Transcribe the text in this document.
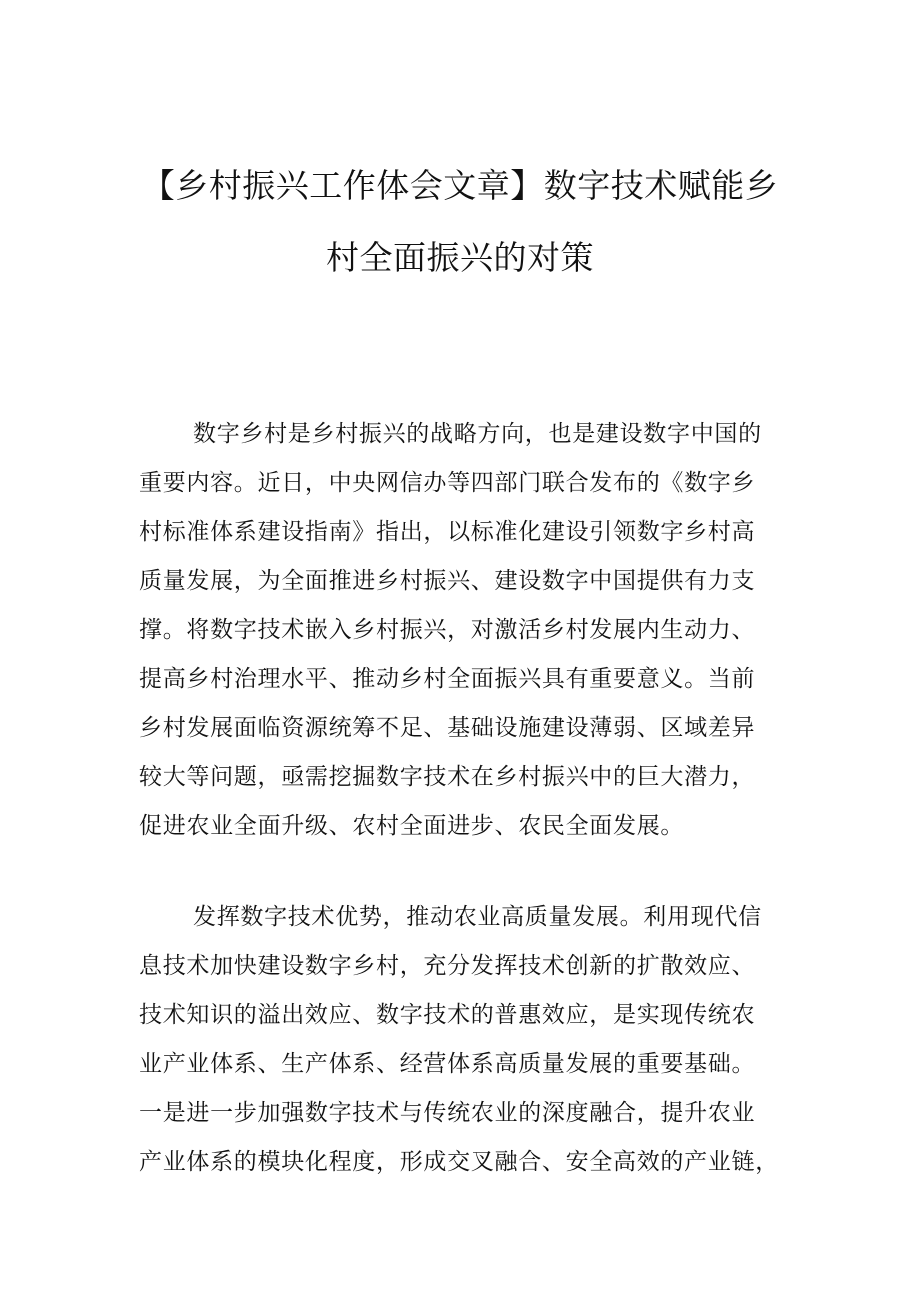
【乡村振兴工作体会文章】数字技术赋能乡
村全面振兴的对策
数字乡村是乡村振兴的战略方向，也是建设数字中国的
重要内容。近日，中央网信办等四部门联合发布的《数字乡
村标准体系建设指南》指出，以标准化建设引领数字乡村高
质量发展，为全面推进乡村振兴、建设数字中国提供有力支
撑。将数字技术嵌入乡村振兴，对激活乡村发展内生动力、
提高乡村治理水平、推动乡村全面振兴具有重要意义。当前
乡村发展面临资源统筹不足、基础设施建设薄弱、区域差异
较大等问题，亟需挖掘数字技术在乡村振兴中的巨大潜力，
促进农业全面升级、农村全面进步、农民全面发展。
发挥数字技术优势，推动农业高质量发展。利用现代信
息技术加快建设数字乡村，充分发挥技术创新的扩散效应、
技术知识的溢出效应、数字技术的普惠效应，是实现传统农
业产业体系、生产体系、经营体系高质量发展的重要基础。
一是进一步加强数字技术与传统农业的深度融合，提升农业
产业体系的模块化程度，形成交叉融合、安全高效的产业链，
